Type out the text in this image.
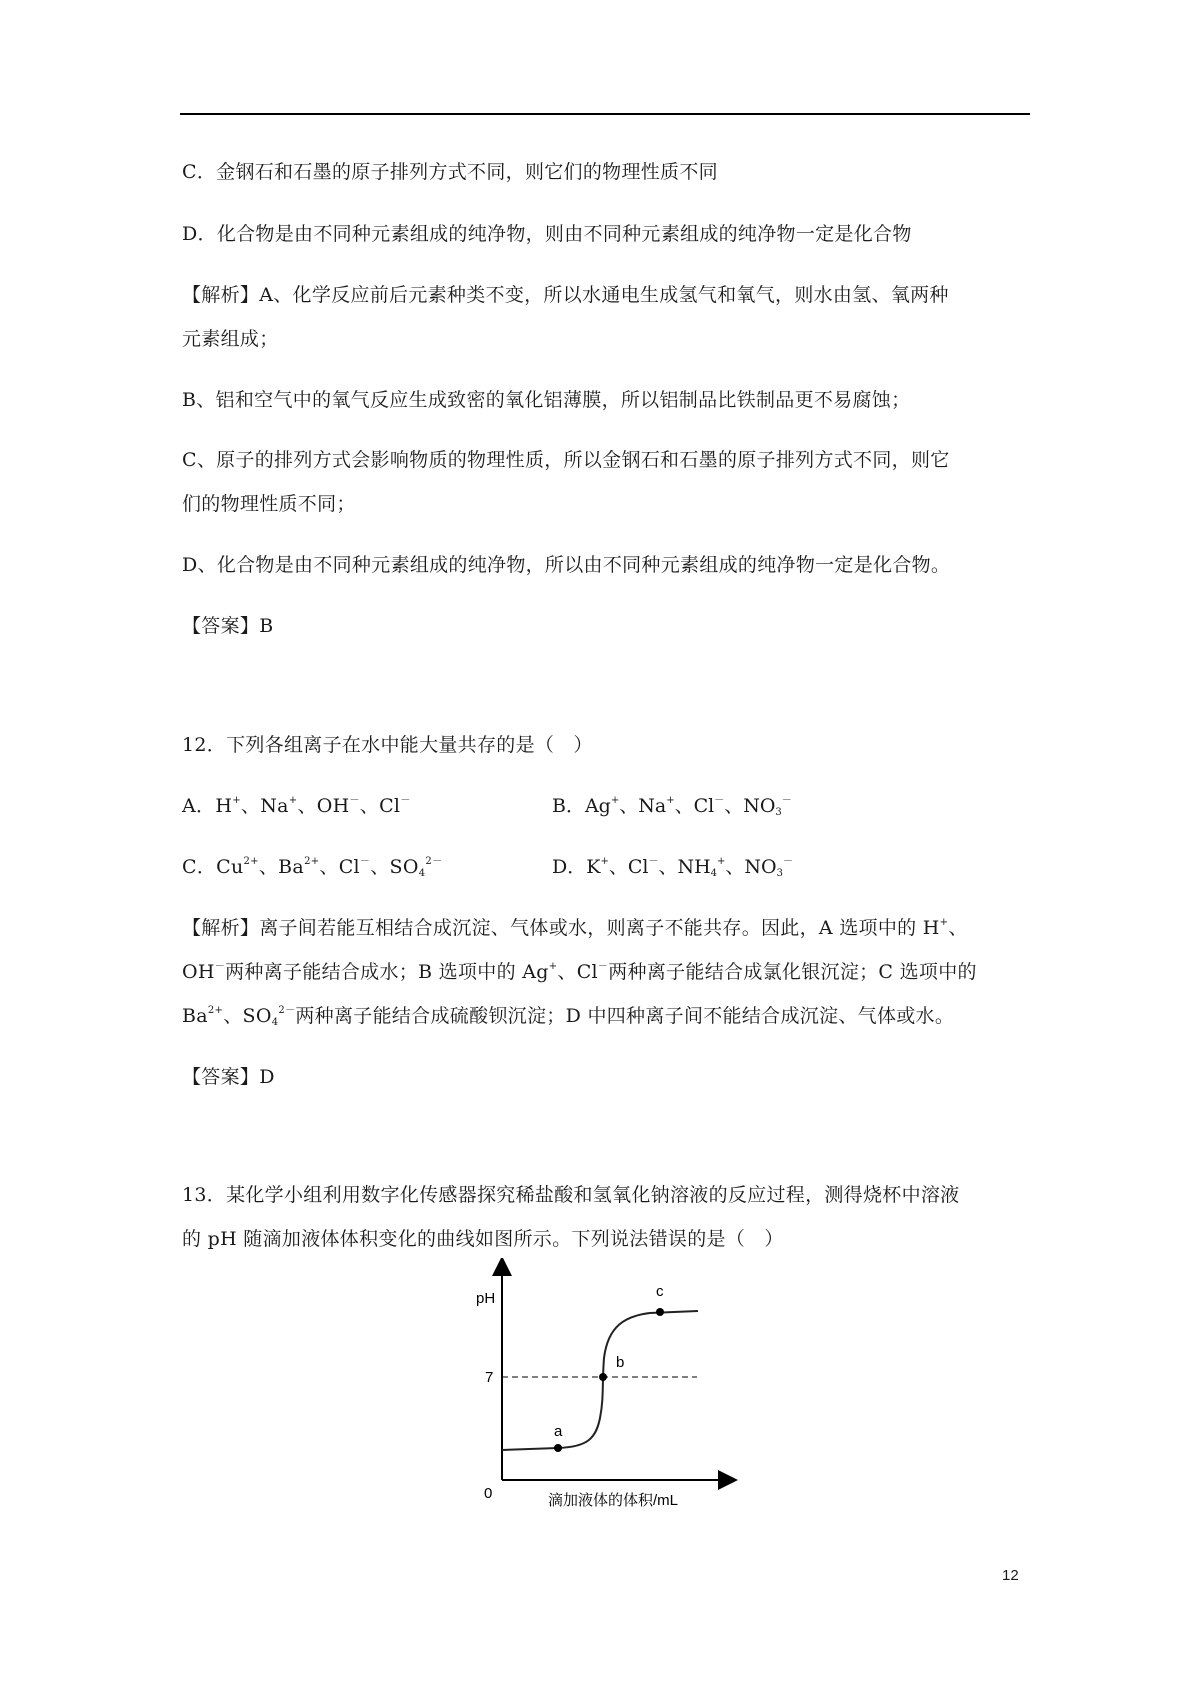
C．金钢石和石墨的原子排列方式不同，则它们的物理性质不同
D．化合物是由不同种元素组成的纯净物，则由不同种元素组成的纯净物一定是化合物
【解析】A、化学反应前后元素种类不变，所以水通电生成氢气和氧气，则水由氢、氧两种
元素组成；
B、铝和空气中的氧气反应生成致密的氧化铝薄膜，所以铝制品比铁制品更不易腐蚀；
C、原子的排列方式会影响物质的物理性质，所以金钢石和石墨的原子排列方式不同，则它
们的物理性质不同；
D、化合物是由不同种元素组成的纯净物，所以由不同种元素组成的纯净物一定是化合物。
【答案】B
12．下列各组离子在水中能大量共存的是（　）
A．H+、Na+、OH－、Cl－	B．Ag+、Na+、Cl－、$NO_3^-$
C．$Cu^{2+}$、$Ba^{2+}$、Cl－、$SO_4^{2-}$	D．K+、Cl－、$NH_4^+$、$NO_3^-$
【解析】离子间若能互相结合成沉淀、气体或水，则离子不能共存。因此，A 选项中的 H+、
OH－两种离子能结合成水；B 选项中的 Ag+、Cl－两种离子能结合成氯化银沉淀；C 选项中的
$Ba^{2+}$、$SO_4^{2-}$两种离子能结合成硫酸钡沉淀；D 中四种离子间不能结合成沉淀、气体或水。
【答案】D
13．某化学小组利用数字化传感器探究稀盐酸和氢氧化钠溶液的反应过程，测得烧杯中溶液
的 pH 随滴加液体体积变化的曲线如图所示。下列说法错误的是（　）
pH
7
0
a
b
c
滴加液体的体积/mL
12
